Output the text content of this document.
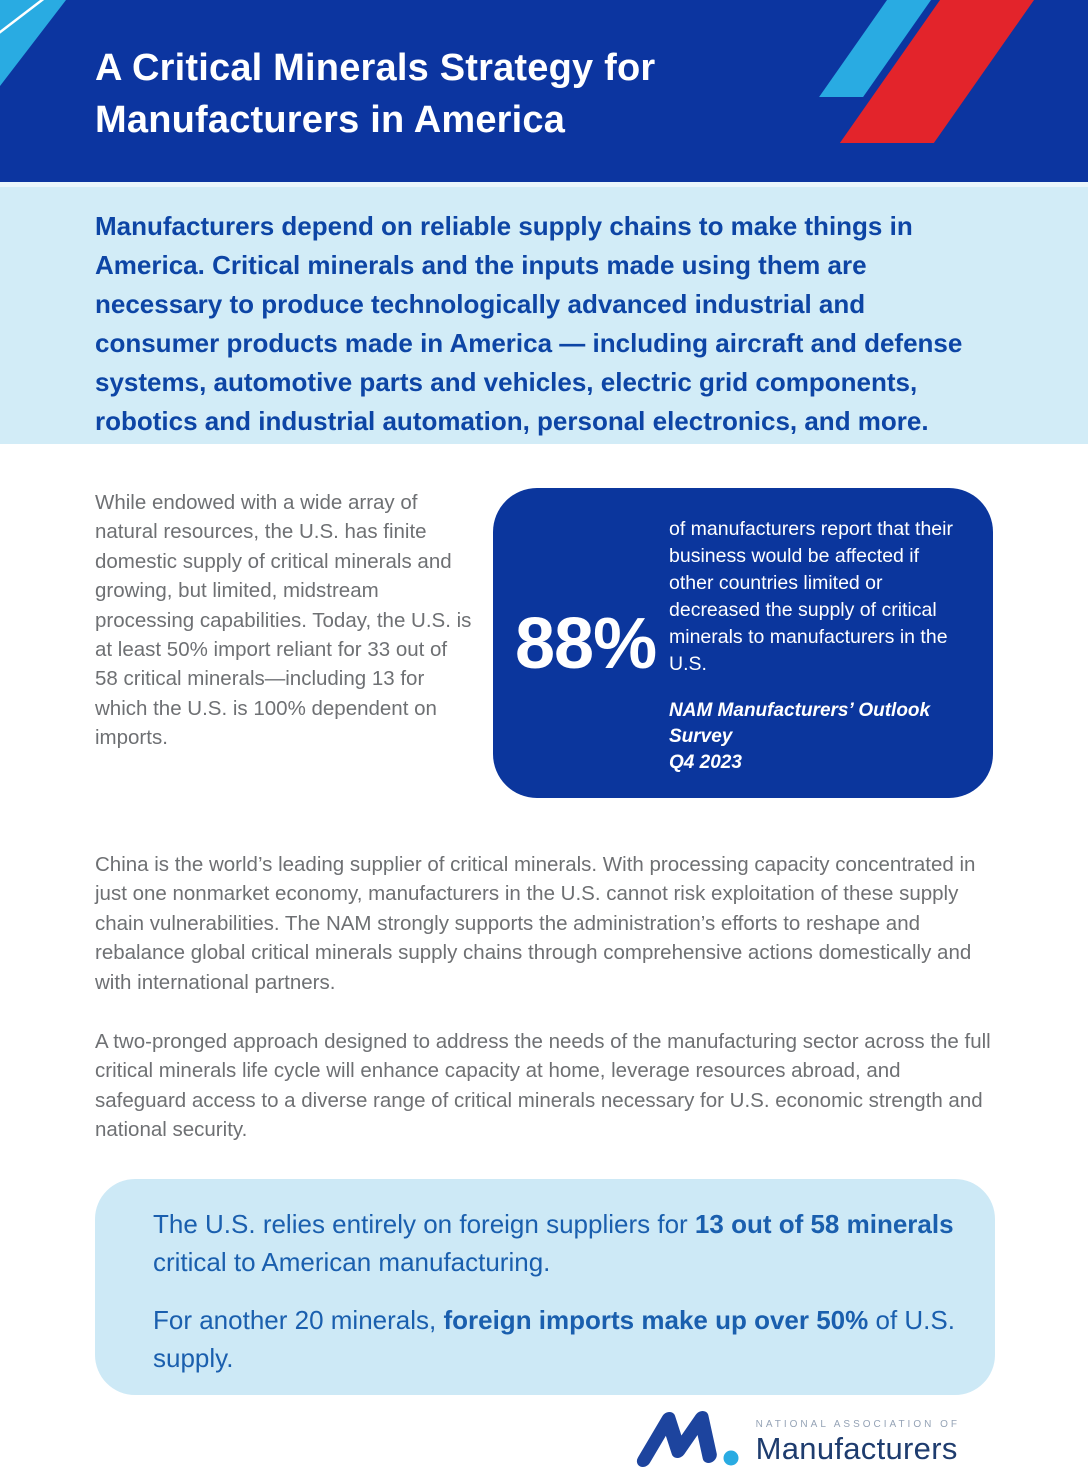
A Critical Minerals Strategy for
Manufacturers in America

Manufacturers depend on reliable supply chains to make things in America. Critical minerals and the inputs made using them are necessary to produce technologically advanced industrial and consumer products made in America — including aircraft and defense systems, automotive parts and vehicles, electric grid components, robotics and industrial automation, personal electronics, and more.

While endowed with a wide array of natural resources, the U.S. has finite domestic supply of critical minerals and growing, but limited, midstream processing capabilities. Today, the U.S. is at least 50% import reliant for 33 out of 58 critical minerals—including 13 for which the U.S. is 100% dependent on imports.

88%

of manufacturers report that their business would be affected if other countries limited or decreased the supply of critical minerals to manufacturers in the U.S.

NAM Manufacturers’ Outlook Survey
Q4 2023

China is the world’s leading supplier of critical minerals. With processing capacity concentrated in just one nonmarket economy, manufacturers in the U.S. cannot risk exploitation of these supply chain vulnerabilities. The NAM strongly supports the administration’s efforts to reshape and rebalance global critical minerals supply chains through comprehensive actions domestically and with international partners.

A two-pronged approach designed to address the needs of the manufacturing sector across the full critical minerals life cycle will enhance capacity at home, leverage resources abroad, and safeguard access to a diverse range of critical minerals necessary for U.S. economic strength and national security.

The U.S. relies entirely on foreign suppliers for 13 out of 58 minerals critical to American manufacturing.

For another 20 minerals, foreign imports make up over 50% of U.S. supply.

NATIONAL ASSOCIATION OF
Manufacturers
